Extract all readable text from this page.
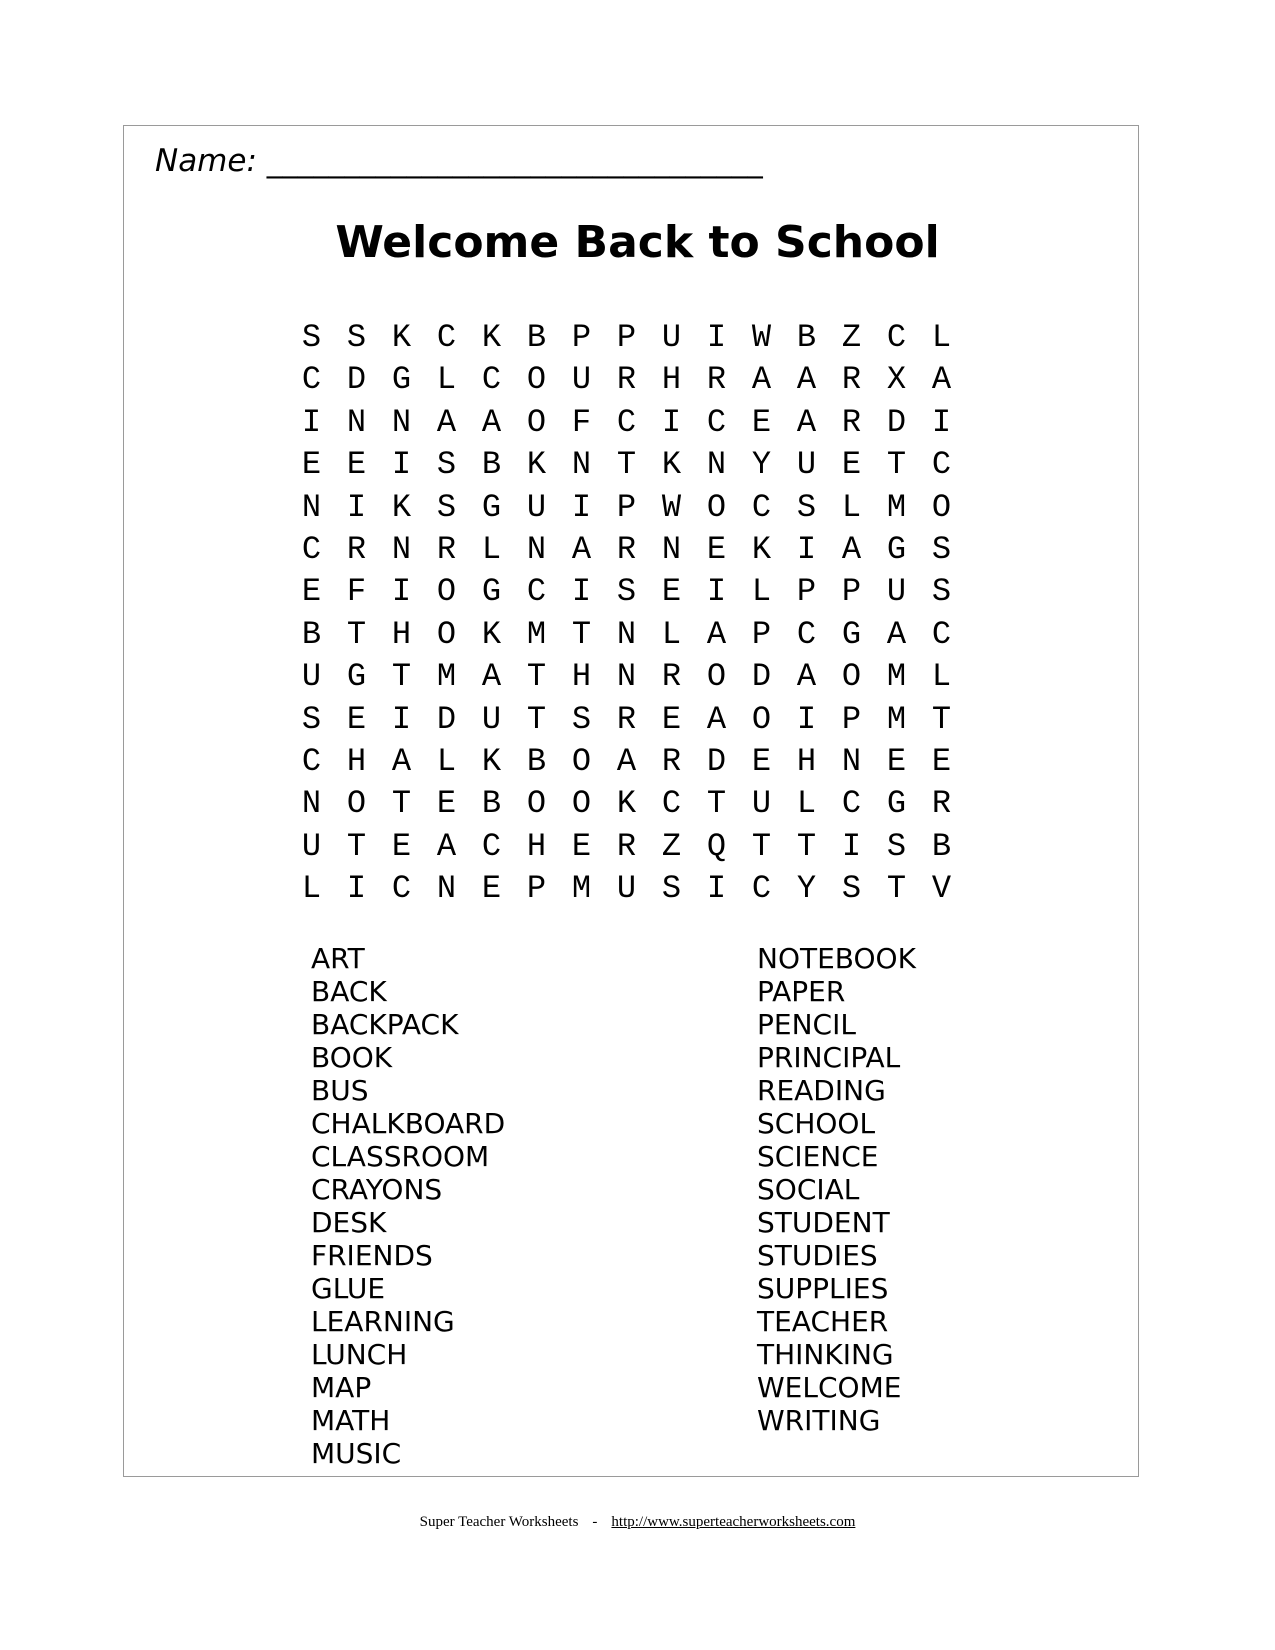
Name: ________________________________
Welcome Back to School
S S K C K B P P U I W B Z C L
C D G L C O U R H R A A R X A
I N N A A O F C I C E A R D I
E E I S B K N T K N Y U E T C
N I K S G U I P W O C S L M O
C R N R L N A R N E K I A G S
E F I O G C I S E I L P P U S
B T H O K M T N L A P C G A C
U G T M A T H N R O D A O M L
S E I D U T S R E A O I P M T
C H A L K B O A R D E H N E E
N O T E B O O K C T U L C G R
U T E A C H E R Z Q T T I S B
L I C N E P M U S I C Y S T V
ART
BACK
BACKPACK
BOOK
BUS
CHALKBOARD
CLASSROOM
CRAYONS
DESK
FRIENDS
GLUE
LEARNING
LUNCH
MAP
MATH
MUSIC
NOTEBOOK
PAPER
PENCIL
PRINCIPAL
READING
SCHOOL
SCIENCE
SOCIAL
STUDENT
STUDIES
SUPPLIES
TEACHER
THINKING
WELCOME
WRITING
Super Teacher Worksheets - http://www.superteacherworksheets.com
